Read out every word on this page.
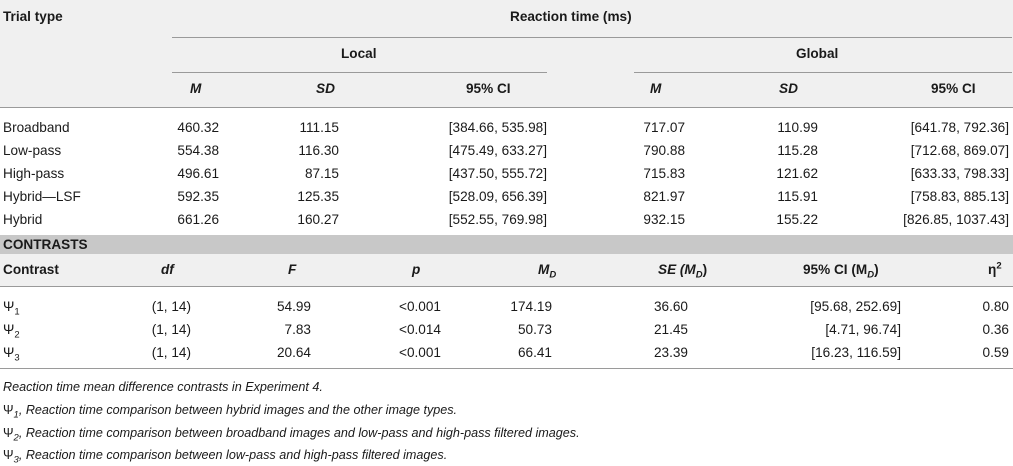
Trial type	Reaction time (ms)
Local	Global
M	SD	95% CI	M	SD	95% CI
Broadband	460.32	111.15	[384.66, 535.98]	717.07	110.99	[641.78, 792.36]
Low-pass	554.38	116.30	[475.49, 633.27]	790.88	115.28	[712.68, 869.07]
High-pass	496.61	87.15	[437.50, 555.72]	715.83	121.62	[633.33, 798.33]
Hybrid—LSF	592.35	125.35	[528.09, 656.39]	821.97	115.91	[758.83, 885.13]
Hybrid	661.26	160.27	[552.55, 769.98]	932.15	155.22	[826.85, 1037.43]
CONTRASTS
Contrast	df	F	p	$M_D$	SE $(M_D)$	95% CI $(M_D)$	$\eta^2$
$\Psi_1$	(1, 14)	54.99	<0.001	174.19	36.60	[95.68, 252.69]	0.80
$\Psi_2$	(1, 14)	7.83	<0.014	50.73	21.45	[4.71, 96.74]	0.36
$\Psi_3$	(1, 14)	20.64	<0.001	66.41	23.39	[16.23, 116.59]	0.59
Reaction time mean difference contrasts in Experiment 4.
$\Psi_1$, Reaction time comparison between hybrid images and the other image types.
$\Psi_2$, Reaction time comparison between broadband images and low-pass and high-pass filtered images.
$\Psi_3$, Reaction time comparison between low-pass and high-pass filtered images.
